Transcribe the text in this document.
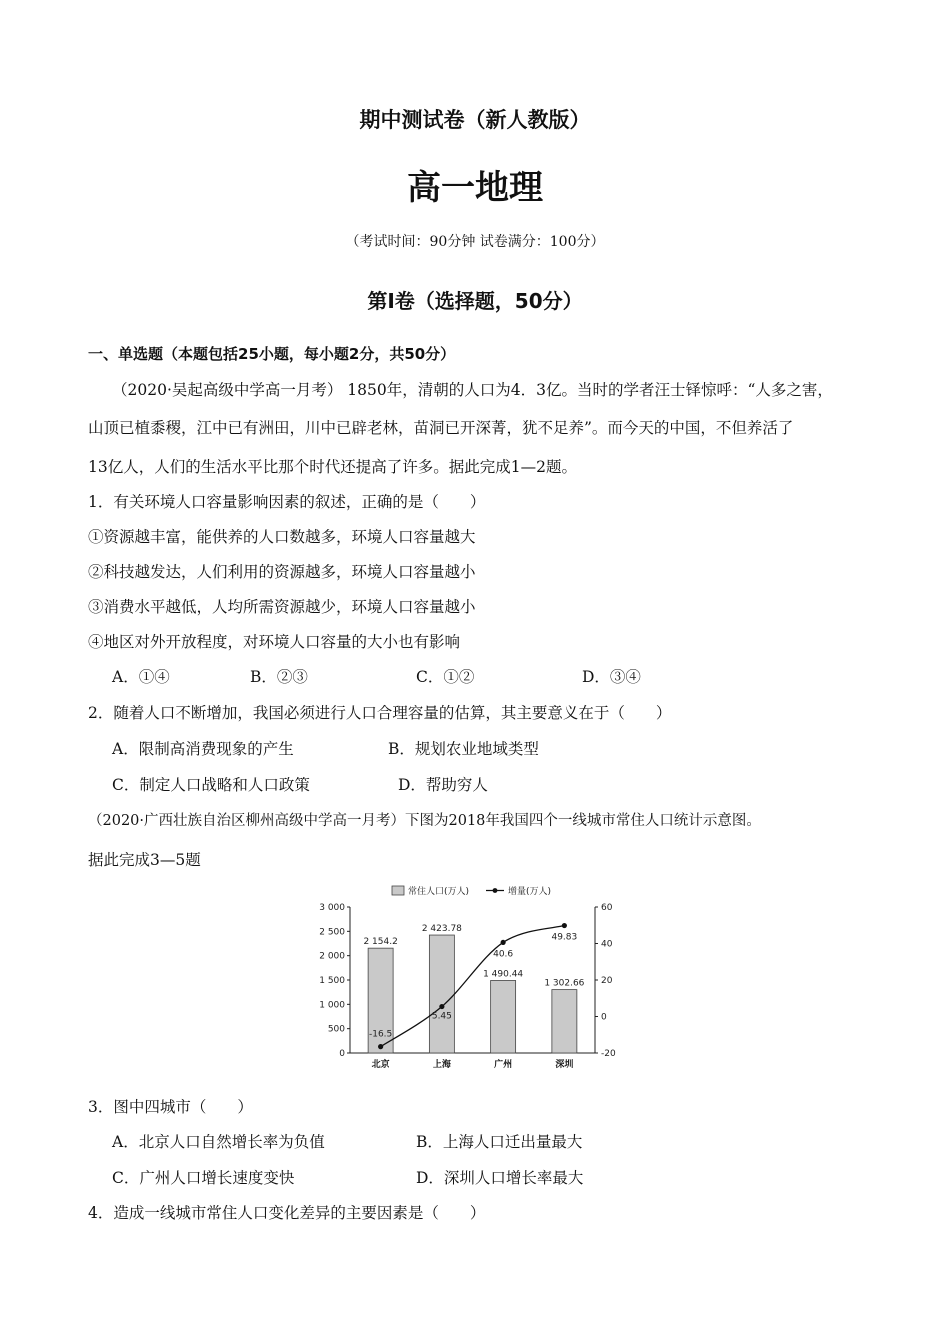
期中测试卷（新人教版）
高一地理
（考试时间：90分钟 试卷满分：100分）
第Ⅰ卷（选择题，50分）
一、单选题（本题包括25小题，每小题2分，共50分）
（2020·吴起高级中学高一月考） 1850年，清朝的人口为4．3亿。当时的学者汪士铎惊呼：“人多之害，
山顶已植黍稷，江中已有洲田，川中已辟老林，苗洞已开深菁，犹不足养”。而今天的中国，不但养活了
13亿人，人们的生活水平比那个时代还提高了许多。据此完成1—2题。
1．有关环境人口容量影响因素的叙述，正确的是（　　）
①资源越丰富，能供养的人口数越多，环境人口容量越大
②科技越发达，人们利用的资源越多，环境人口容量越小
③消费水平越低，人均所需资源越少，环境人口容量越小
④地区对外开放程度，对环境人口容量的大小也有影响
A．①④	B．②③	C．①②	D．③④
2．随着人口不断增加，我国必须进行人口合理容量的估算，其主要意义在于（　　）
A．限制高消费现象的产生	B．规划农业地域类型
C．制定人口战略和人口政策	D．帮助穷人
（2020·广西壮族自治区柳州高级中学高一月考）下图为2018年我国四个一线城市常住人口统计示意图。
据此完成3—5题
0
500
1 000
1 500
2 000
2 500
3 000
-20
0
20
40
60
2 154.2
北京
2 423.78
上海
1 490.44
广州
1 302.66
深圳
-16.5
5.45
40.6
49.83
常住人口(万人)	增量(万人)
3．图中四城市（　　）
A．北京人口自然增长率为负值	B．上海人口迁出量最大
C．广州人口增长速度变快	D．深圳人口增长率最大
4．造成一线城市常住人口变化差异的主要因素是（　　）
